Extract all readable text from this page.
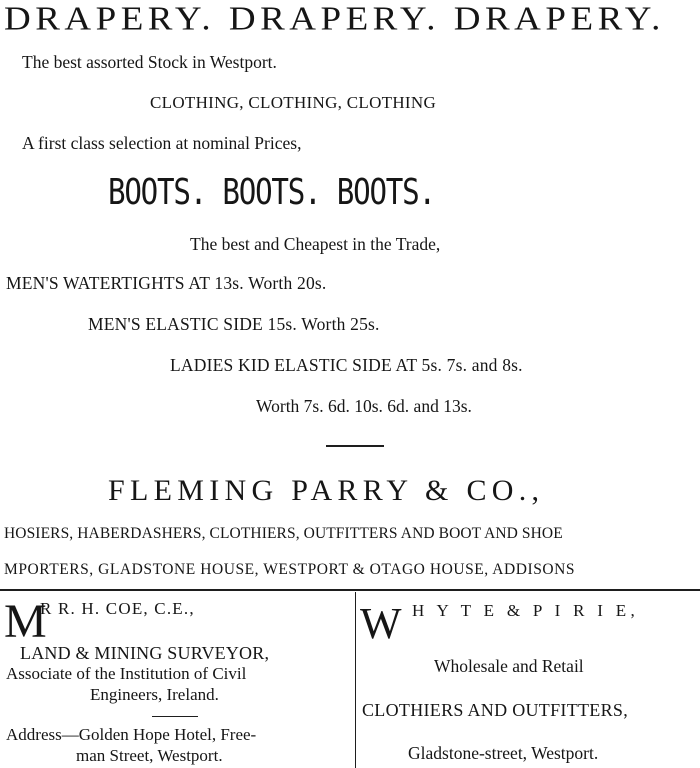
DRAPERY. DRAPERY. DRAPERY.
The best assorted Stock in Westport.
CLOTHING, CLOTHING, CLOTHING
A first class selection at nominal Prices,
BOOTS. BOOTS. BOOTS.
The best and Cheapest in the Trade,
MEN'S WATERTIGHTS AT 13s. Worth 20s.
MEN'S ELASTIC SIDE 15s. Worth 25s.
LADIES KID ELASTIC SIDE AT 5s. 7s. and 8s.
Worth 7s. 6d. 10s. 6d. and 13s.
FLEMING PARRY & CO.,
HOSIERS, HABERDASHERS, CLOTHIERS, OUTFITTERS AND BOOT AND SHOE
MPORTERS, GLADSTONE HOUSE, WESTPORT & OTAGO HOUSE, ADDISONS
M
R R. H. COE, C.E.,
LAND & MINING SURVEYOR,
Associate of the Institution of Civil
Engineers, Ireland.
Address—Golden Hope Hotel, Free-
man Street, Westport.
W H Y T E & P I R I E,
Wholesale and Retail
CLOTHIERS AND OUTFITTERS,
Gladstone-street, Westport.
